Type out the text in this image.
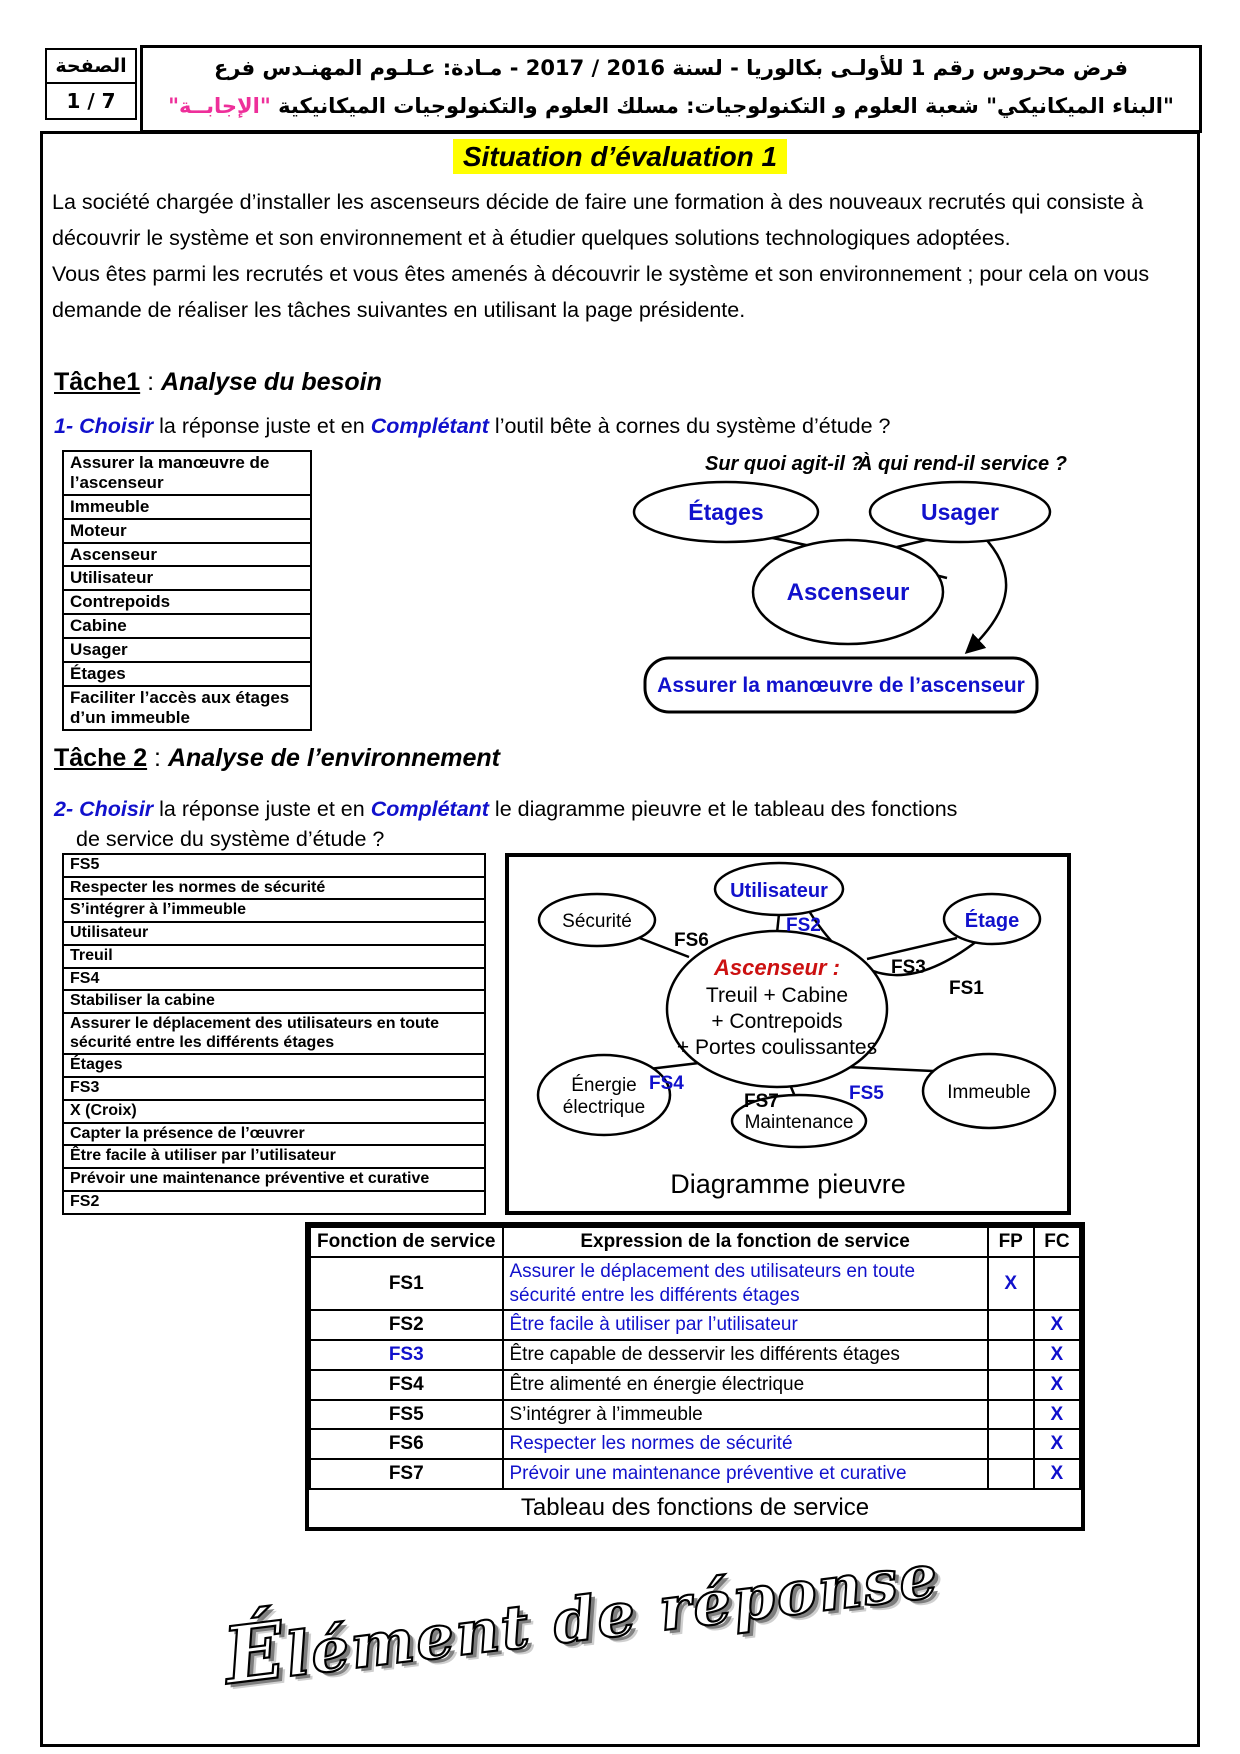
الصفحة
1 / 7
فرض محروس رقم 1 للأولـى بكالوريا - لسنة 2016 / 2017 - مـادة: عـلـوم المهنـدس فرع
"البناء الميكانيكي" شعبة العلوم و التكنولوجيات: مسلك العلوم والتكنولوجيات الميكانيكية "الإجابــة"
Situation d’évaluation 1

La société chargée d’installer les ascenseurs décide de faire une formation à des nouveaux recrutés qui consiste à découvrir le système et son environnement et à étudier quelques solutions technologiques adoptées.

Vous êtes parmi les recrutés et vous êtes amenés à découvrir le système et son environnement ; pour cela on vous demande de réaliser les tâches suivantes en utilisant la page présidente.

Tâche1 : Analyse du besoin
1- Choisir la réponse juste et en Complétant l’outil bête à cornes du système d’étude ?
Assurer la manœuvre de l’ascenseur
Immeuble
Moteur
Ascenseur
Utilisateur
Contrepoids
Cabine
Usager
Étages
Faciliter l’accès aux étages d’un immeuble
Sur quoi agit-il ?
À qui rend-il service ?
Étages	Usager
Ascenseur
Assurer la manœuvre de l’ascenseur
Tâche 2 : Analyse de l’environnement
2- Choisir la réponse juste et en Complétant le diagramme pieuvre et le tableau des fonctions
de service du système d’étude ?
FS5
Respecter les normes de sécurité
S’intégrer à l’immeuble
Utilisateur
Treuil
FS4
Stabiliser la cabine
Assurer le déplacement des utilisateurs en toute sécurité entre les différents étages
Étages
FS3
X (Croix)
Capter la présence de l’œuvrer
Être facile à utiliser par l’utilisateur
Prévoir une maintenance préventive et curative
FS2
Utilisateur
Sécurité	Étage
Énergie
électrique
Maintenance
Immeuble
Ascenseur :
Treuil + Cabine
+ Contrepoids
+ Portes coulissantes
FS6
FS2
FS3
FS1
FS4
FS7	FS5
Diagramme pieuvre
Fonction de service	Expression de la fonction de service	FP	FC
FS1	Assurer le déplacement des utilisateurs en toute sécurité entre les différents étages	X	
FS2	Être facile à utiliser par l’utilisateur		X
FS3	Être capable de desservir les différents étages		X
FS4	Être alimenté en énergie électrique		X
FS5	S’intégrer à l’immeuble		X
FS6	Respecter les normes de sécurité		X
FS7	Prévoir une maintenance préventive et curative		X
Tableau des fonctions de service
Élément de réponse
